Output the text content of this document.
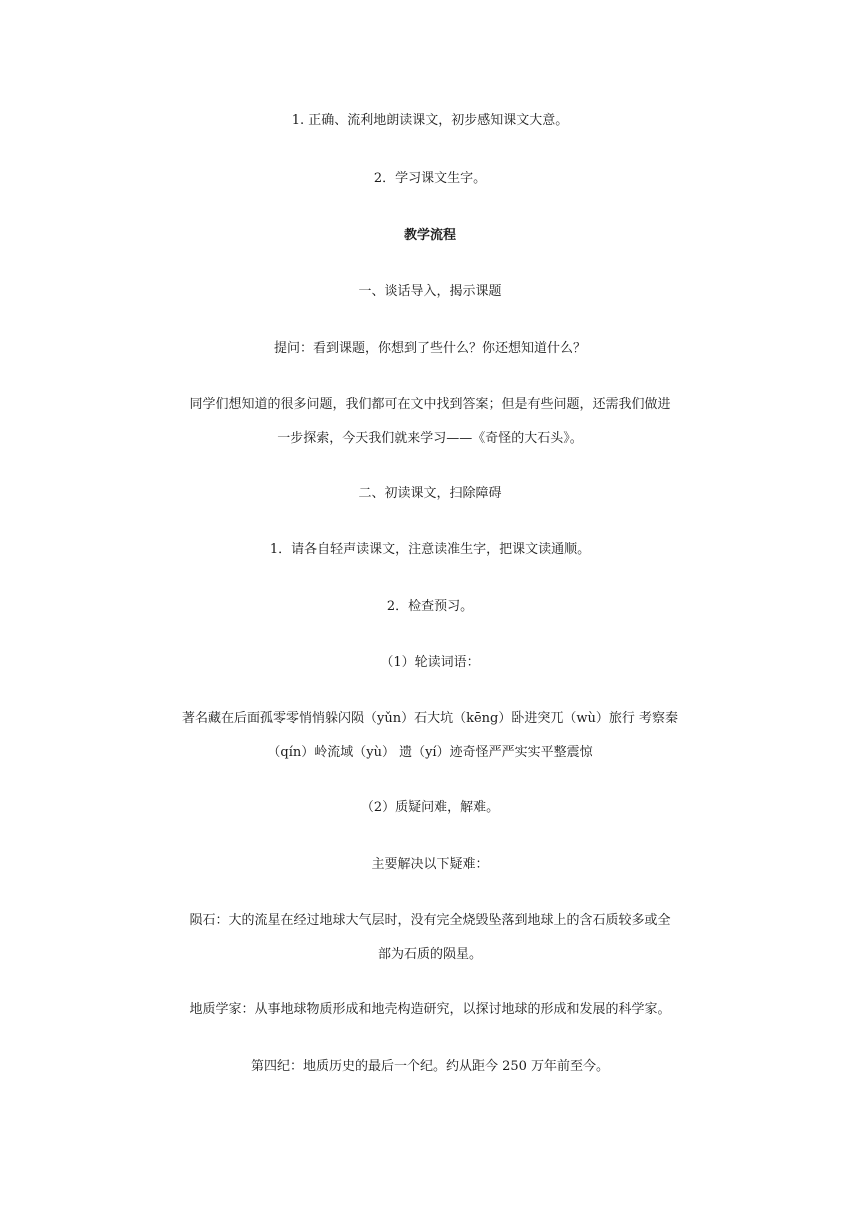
1. 正确、流利地朗读课文，初步感知课文大意。
2．学习课文生字。
教学流程
一、谈话导入，揭示课题
提问：看到课题，你想到了些什么？你还想知道什么？
同学们想知道的很多问题，我们都可在文中找到答案；但是有些问题，还需我们做进
一步探索，今天我们就来学习——《奇怪的大石头》。
二、初读课文，扫除障碍
1．请各自轻声读课文，注意读准生字，把课文读通顺。
2．检查预习。
（1）轮读词语：
著名藏在后面孤零零悄悄躲闪陨（yǔn）石大坑（kēng）卧进突兀（wù）旅行 考察秦
（qín）岭流域（yù） 遗（yí）迹奇怪严严实实平整震惊
（2）质疑问难，解难。
主要解决以下疑难：
陨石：大的流星在经过地球大气层时，没有完全烧毁坠落到地球上的含石质较多或全
部为石质的陨星。
地质学家：从事地球物质形成和地壳构造研究，以探讨地球的形成和发展的科学家。
第四纪：地质历史的最后一个纪。约从距今 250 万年前至今。
